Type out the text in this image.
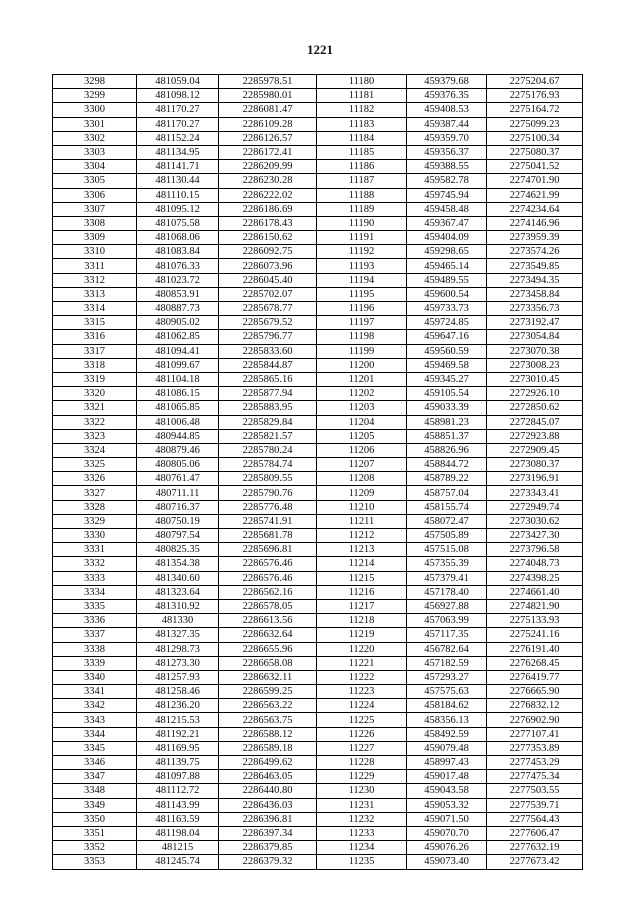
1221
3298	481059.04	2285978.51	11180	459379.68	2275204.67
3299	481098.12	2285980.01	11181	459376.35	2275176.93
3300	481170.27	2286081.47	11182	459408.53	2275164.72
3301	481170.27	2286109.28	11183	459387.44	2275099.23
3302	481152.24	2286126.57	11184	459359.70	2275100.34
3303	481134.95	2286172.41	11185	459356.37	2275080.37
3304	481141.71	2286209.99	11186	459388.55	2275041.52
3305	481130.44	2286230.28	11187	459582.78	2274701.90
3306	481110.15	2286222.02	11188	459745.94	2274621.99
3307	481095.12	2286186.69	11189	459458.48	2274234.64
3308	481075.58	2286178.43	11190	459367.47	2274146.96
3309	481068.06	2286150.62	11191	459404.09	2273959.39
3310	481083.84	2286092.75	11192	459298.65	2273574.26
3311	481076.33	2286073.96	11193	459465.14	2273549.85
3312	481023.72	2286045.40	11194	459489.55	2273494.35
3313	480853.91	2285702.07	11195	459600.54	2273458.84
3314	480887.73	2285678.77	11196	459733.73	2273356.73
3315	480905.02	2285679.52	11197	459724.85	2273192.47
3316	481062.85	2285796.77	11198	459647.16	2273054.84
3317	481094.41	2285833.60	11199	459560.59	2273070.38
3318	481099.67	2285844.87	11200	459469.58	2273008.23
3319	481104.18	2285865.16	11201	459345.27	2273010.45
3320	481086.15	2285877.94	11202	459105.54	2272926.10
3321	481065.85	2285883.95	11203	459033.39	2272850.62
3322	481006.48	2285829.84	11204	458981.23	2272845.07
3323	480944.85	2285821.57	11205	458851.37	2272923.88
3324	480879.46	2285780.24	11206	458826.96	2272909.45
3325	480805.06	2285784.74	11207	458844.72	2273080.37
3326	480761.47	2285809.55	11208	458789.22	2273196.91
3327	480711.11	2285790.76	11209	458757.04	2273343.41
3328	480716.37	2285776.48	11210	458155.74	2272949.74
3329	480750.19	2285741.91	11211	458072.47	2273030.62
3330	480797.54	2285681.78	11212	457505.89	2273427.30
3331	480825.35	2285696.81	11213	457515.08	2273796.58
3332	481354.38	2286576.46	11214	457355.39	2274048.73
3333	481340.60	2286576.46	11215	457379.41	2274398.25
3334	481323.64	2286562.16	11216	457178.40	2274661.40
3335	481310.92	2286578.05	11217	456927.88	2274821.90
3336	481330	2286613.56	11218	457063.99	2275133.93
3337	481327.35	2286632.64	11219	457117.35	2275241.16
3338	481298.73	2286655.96	11220	456782.64	2276191.40
3339	481273.30	2286658.08	11221	457182.59	2276268.45
3340	481257.93	2286632.11	11222	457293.27	2276419.77
3341	481258.46	2286599.25	11223	457575.63	2276665.90
3342	481236.20	2286563.22	11224	458184.62	2276832.12
3343	481215.53	2286563.75	11225	458356.13	2276902.90
3344	481192.21	2286588.12	11226	458492.59	2277107.41
3345	481169.95	2286589.18	11227	459079.48	2277353.89
3346	481139.75	2286499.62	11228	458997.43	2277453.29
3347	481097.88	2286463.05	11229	459017.48	2277475.34
3348	481112.72	2286440.80	11230	459043.58	2277503.55
3349	481143.99	2286436.03	11231	459053.32	2277539.71
3350	481163.59	2286396.81	11232	459071.50	2277564.43
3351	481198.04	2286397.34	11233	459070.70	2277606.47
3352	481215	2286379.85	11234	459076.26	2277632.19
3353	481245.74	2286379.32	11235	459073.40	2277673.42
